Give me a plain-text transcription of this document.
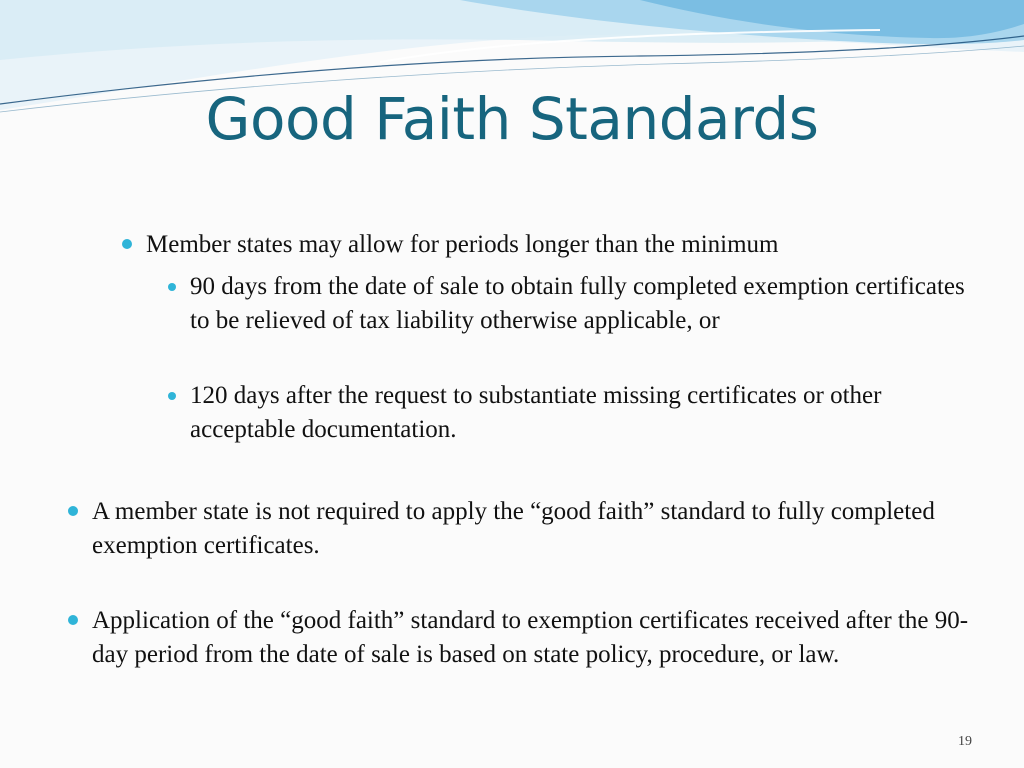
Good Faith Standards
Member states may allow for periods longer than the minimum
90 days from the date of sale to obtain fully completed exemption certificates to be relieved of tax liability otherwise applicable, or
120 days after the request to substantiate missing certificates or other acceptable documentation.
A member state is not required to apply the “good faith” standard to fully completed exemption certificates.
Application of the “good faith” standard to exemption certificates received after the 90-day period from the date of sale is based on state policy, procedure, or law.
19
